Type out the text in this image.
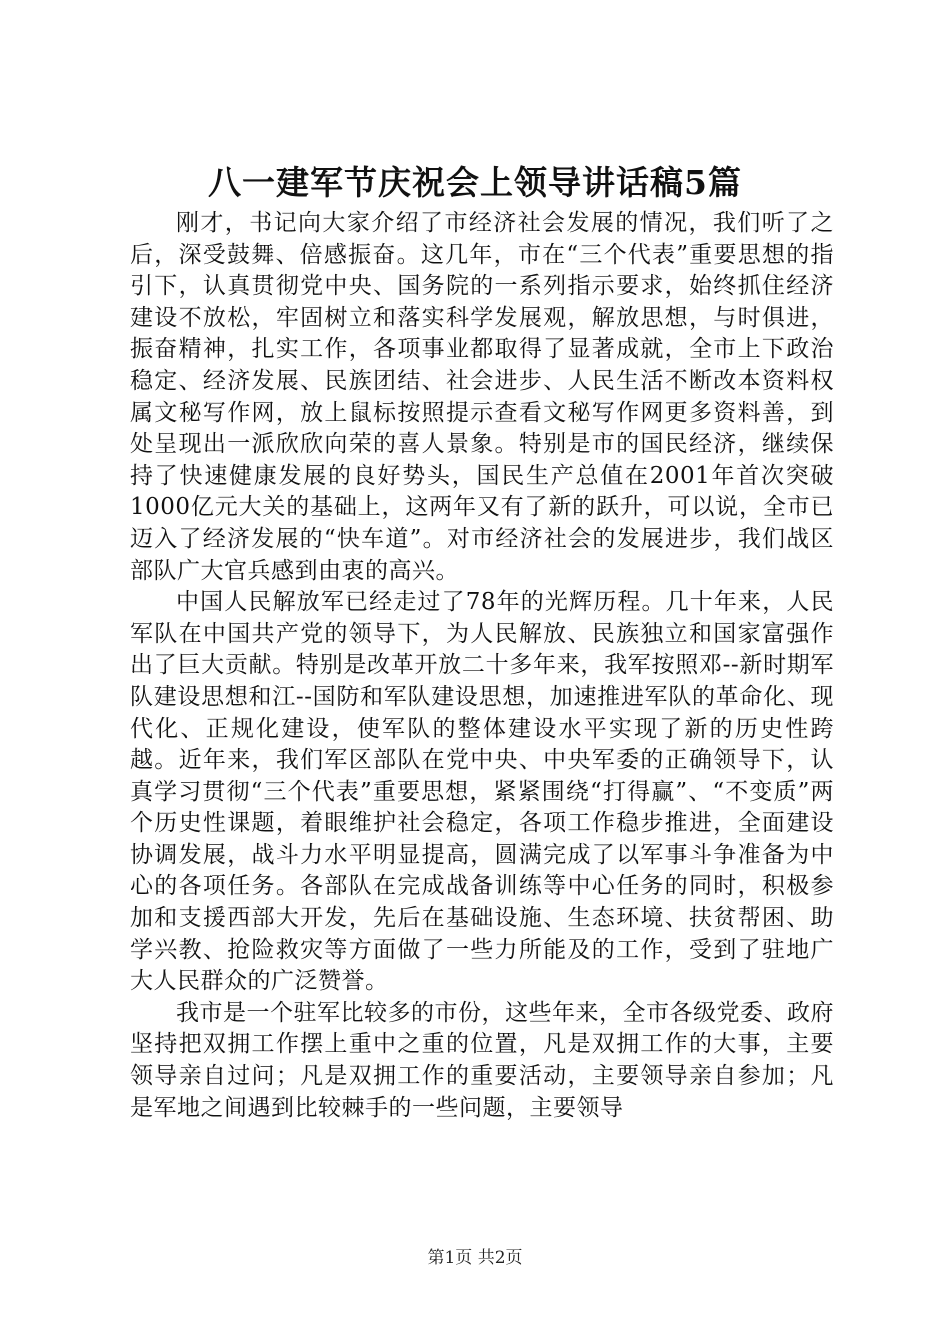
八一建军节庆祝会上领导讲话稿5篇

刚才，书记向大家介绍了市经济社会发展的情况，我们听了之后，深受鼓舞、倍感振奋。这几年，市在“三个代表”重要思想的指引下，认真贯彻党中央、国务院的一系列指示要求，始终抓住经济建设不放松，牢固树立和落实科学发展观，解放思想，与时俱进，振奋精神，扎实工作，各项事业都取得了显著成就，全市上下政治稳定、经济发展、民族团结、社会进步、人民生活不断改本资料权属文秘写作网，放上鼠标按照提示查看文秘写作网更多资料善，到处呈现出一派欣欣向荣的喜人景象。特别是市的国民经济，继续保持了快速健康发展的良好势头，国民生产总值在2001年首次突破1000亿元大关的基础上，这两年又有了新的跃升，可以说，全市已迈入了经济发展的“快车道”。对市经济社会的发展进步，我们战区部队广大官兵感到由衷的高兴。

中国人民解放军已经走过了78年的光辉历程。几十年来，人民军队在中国共产党的领导下，为人民解放、民族独立和国家富强作出了巨大贡献。特别是改革开放二十多年来，我军按照邓--新时期军队建设思想和江--国防和军队建设思想，加速推进军队的革命化、现代化、正规化建设，使军队的整体建设水平实现了新的历史性跨越。近年来，我们军区部队在党中央、中央军委的正确领导下，认真学习贯彻“三个代表”重要思想，紧紧围绕“打得赢”、“不变质”两个历史性课题，着眼维护社会稳定，各项工作稳步推进，全面建设协调发展，战斗力水平明显提高，圆满完成了以军事斗争准备为中心的各项任务。各部队在完成战备训练等中心任务的同时，积极参加和支援西部大开发，先后在基础设施、生态环境、扶贫帮困、助学兴教、抢险救灾等方面做了一些力所能及的工作，受到了驻地广大人民群众的广泛赞誉。

我市是一个驻军比较多的市份，这些年来，全市各级党委、政府坚持把双拥工作摆上重中之重的位置，凡是双拥工作的大事，主要领导亲自过问；凡是双拥工作的重要活动，主要领导亲自参加；凡是军地之间遇到比较棘手的一些问题，主要领导

第1页 共2页
